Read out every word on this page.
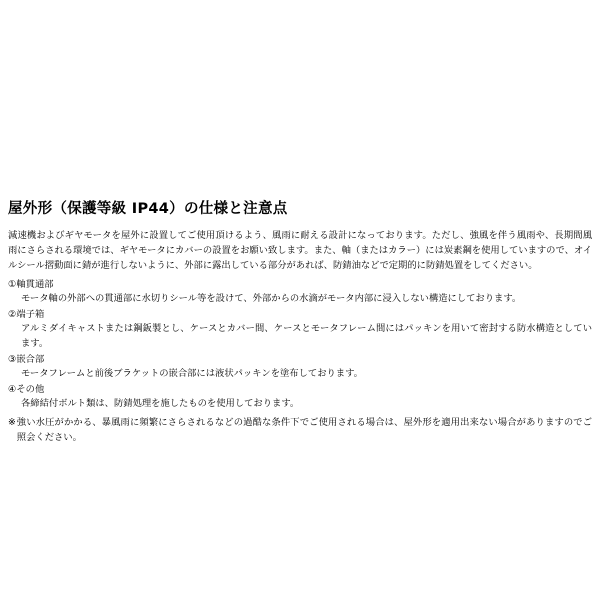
屋外形（保護等級 IP44）の仕様と注意点

減速機およびギヤモータを屋外に設置してご使用頂けるよう、風雨に耐える設計になっております。ただし、強風を伴う風雨や、長期間風雨にさらされる環境では、ギヤモータにカバーの設置をお願い致します。また、軸（またはカラー）には炭素鋼を使用していますので、オイルシール摺動面に錆が進行しないように、外部に露出している部分があれば、防錆油などで定期的に防錆処置をしてください。

①軸貫通部
モータ軸の外部への貫通部に水切りシール等を設けて、外部からの水滴がモータ内部に浸入しない構造にしております。
②端子箱
アルミダイキャストまたは鋼鈑製とし、ケースとカバー間、ケースとモータフレーム間にはパッキンを用いて密封する防水構造としています。
③嵌合部
モータフレームと前後ブラケットの嵌合部には液状パッキンを塗布しております。
④その他
各締結付ボルト類は、防錆処理を施したものを使用しております。
※ 強い水圧がかかる、暴風雨に頻繁にさらされるなどの過酷な条件下でご使用される場合は、屋外形を適用出来ない場合がありますのでご照会ください。
